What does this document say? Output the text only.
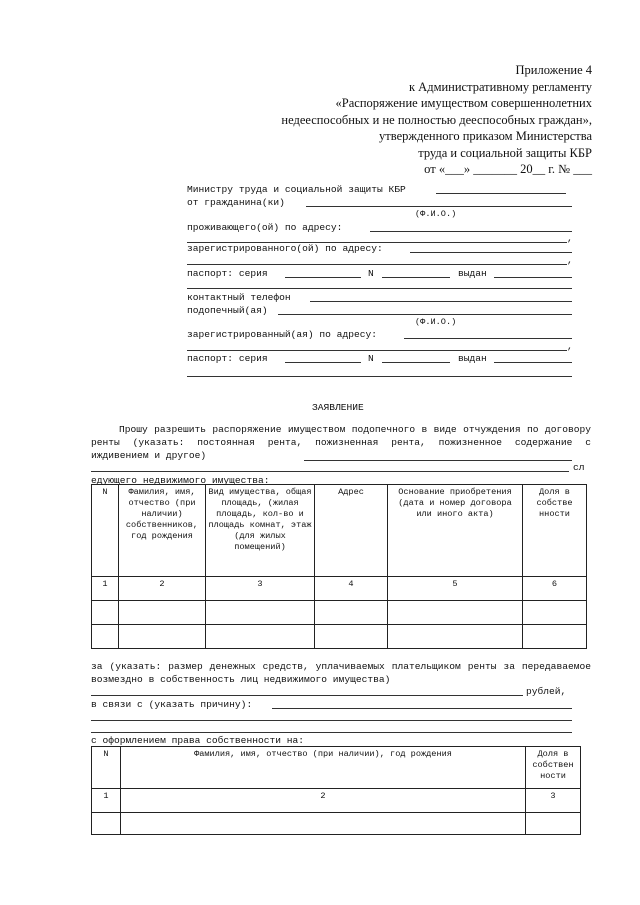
Приложение 4
к Административному регламенту
«Распоряжение имуществом совершеннолетних
недееспособных и не полностью дееспособных граждан»,
утвержденного приказом Министерства
труда и социальной защиты КБР
от «___» _______ 20__ г. № ___
Министру труда и социальной защиты КБР
от гражданина(ки)
(Ф.И.О.)
проживающего(ой) по адресу:
,
зарегистрированного(ой) по адресу:
,
паспорт: серия	N	выдан
контактный телефон
подопечный(ая)
(Ф.И.О.)
зарегистрированный(ая) по адресу:
,
паспорт: серия	N	выдан
ЗАЯВЛЕНИЕ
Прошу разрешить распоряжение имуществом подопечного в виде отчуждения по договору ренты (указать: постоянная рента, пожизненная рента, пожизненное содержание с иждивением и другое)
сл
едующего недвижимого имущества:
N	Фамилия, имя, отчество (при наличии) собственников, год рождения	Вид имущества, общая площадь, (жилая площадь, кол-во и площадь комнат, этаж (для жилых помещений)	Адрес	Основание приобретения (дата и номер договора или иного акта)	Доля в собстве нности
1	2	3	4	5	6

за (указать: размер денежных средств, уплачиваемых плательщиком ренты за передаваемое возмездно в собственность лиц недвижимого имущества)
рублей,
в связи с (указать причину):
с оформлением права собственности на:
N	Фамилия, имя, отчество (при наличии), год рождения	Доля в собствен ности
1	2	3
